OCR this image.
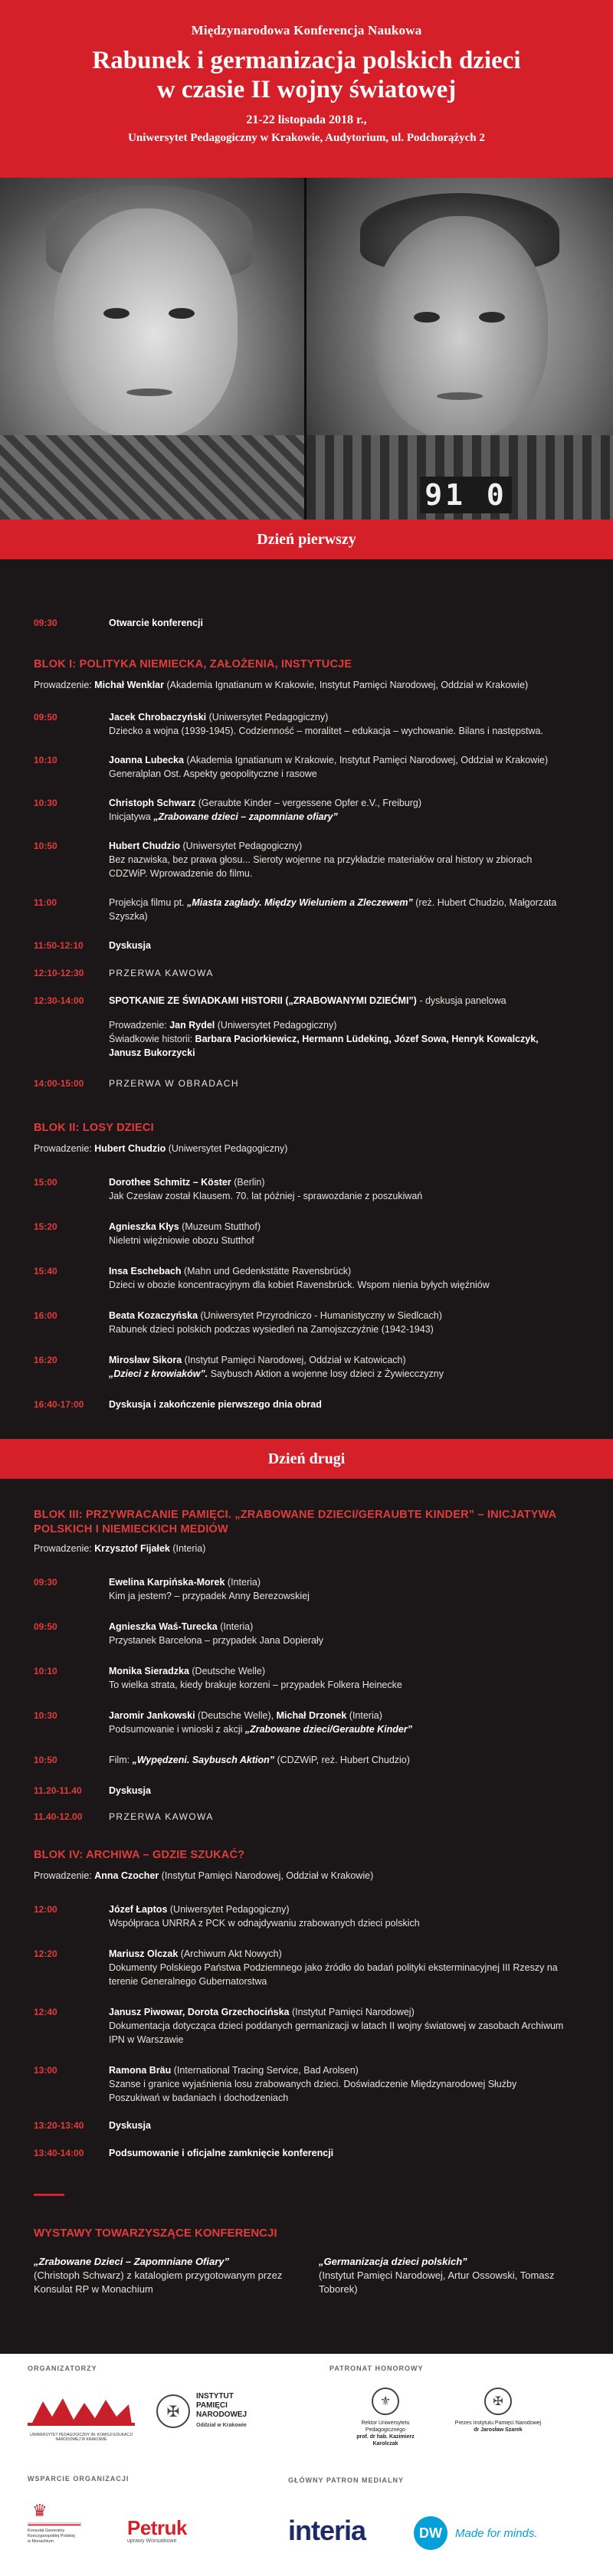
Międzynarodowa Konferencja Naukowa
Rabunek i germanizacja polskich dzieci
w czasie II wojny światowej
21-22 listopada 2018 r.,
Uniwersytet Pedagogiczny w Krakowie, Audytorium, ul. Podchorążych 2
91 0
Dzień pierwszy
09:30	Otwarcie konferencji
BLOK I: POLITYKA NIEMIECKA, ZAŁOŻENIA, INSTYTUCJE
Prowadzenie: Michał Wenklar (Akademia Ignatianum w Krakowie, Instytut Pamięci Narodowej, Oddział w Krakowie)
09:50	Jacek Chrobaczyński (Uniwersytet Pedagogiczny)
Dziecko a wojna (1939-1945). Codzienność – moralitet – edukacja – wychowanie. Bilans i następstwa.
10:10	Joanna Lubecka (Akademia Ignatianum w Krakowie, Instytut Pamięci Narodowej, Oddział w Krakowie)
Generalplan Ost. Aspekty geopolityczne i rasowe
10:30	Christoph Schwarz (Geraubte Kinder – vergessene Opfer e.V., Freiburg)
Inicjatywa „Zrabowane dzieci – zapomniane ofiary”
10:50	Hubert Chudzio (Uniwersytet Pedagogiczny)
Bez nazwiska, bez prawa głosu... Sieroty wojenne na przykładzie materiałów oral history w zbiorach CDZWiP. Wprowadzenie do filmu.
11:00	Projekcja filmu pt. „Miasta zagłady. Między Wieluniem a Zleczewem” (reż. Hubert Chudzio, Małgorzata Szyszka)
11:50-12:10	Dyskusja
12:10-12:30	PRZERWA KAWOWA
12:30-14:00	SPOTKANIE ZE ŚWIADKAMI HISTORII („ZRABOWANYMI DZIEĆMI”) - dyskusja panelowa
Prowadzenie: Jan Rydel (Uniwersytet Pedagogiczny)
Świadkowie historii: Barbara Paciorkiewicz, Hermann Lüdeking, Józef Sowa, Henryk Kowalczyk, Janusz Bukorzycki
14:00-15:00	PRZERWA W OBRADACH
BLOK II: LOSY DZIECI
Prowadzenie: Hubert Chudzio (Uniwersytet Pedagogiczny)
15:00	Dorothee Schmitz – Köster (Berlin)
Jak Czesław został Klausem. 70. lat później - sprawozdanie z poszukiwań
15:20	Agnieszka Kłys (Muzeum Stutthof)
Nieletni więźniowie obozu Stutthof
15:40	Insa Eschebach (Mahn und Gedenkstätte Ravensbrück)
Dzieci w obozie koncentracyjnym dla kobiet Ravensbrück. Wspom nienia byłych więźniów
16:00	Beata Kozaczyńska (Uniwersytet Przyrodniczo - Humanistyczny w Siedlcach)
Rabunek dzieci polskich podczas wysiedleń na Zamojszczyźnie (1942-1943)
16:20	Mirosław Sikora (Instytut Pamięci Narodowej, Oddział w Katowicach)
„Dzieci z krowiaków”. Saybusch Aktion a wojenne losy dzieci z Żywiecczyzny
16:40-17:00	Dyskusja i zakończenie pierwszego dnia obrad
Dzień drugi
BLOK III: PRZYWRACANIE PAMIĘCI. „ZRABOWANE DZIECI/GERAUBTE KINDER” – INICJATYWA
POLSKICH I NIEMIECKICH MEDIÓW
Prowadzenie: Krzysztof Fijałek (Interia)
09:30	Ewelina Karpińska-Morek (Interia)
Kim ja jestem? – przypadek Anny Berezowskiej
09:50	Agnieszka Waś-Turecka (Interia)
Przystanek Barcelona – przypadek Jana Dopierały
10:10	Monika Sieradzka (Deutsche Welle)
To wielka strata, kiedy brakuje korzeni – przypadek Folkera Heinecke
10:30	Jaromir Jankowski (Deutsche Welle), Michał Drzonek (Interia)
Podsumowanie i wnioski z akcji „Zrabowane dzieci/Geraubte Kinder”
10:50	Film: „Wypędzeni. Saybusch Aktion” (CDZWiP, reż. Hubert Chudzio)
11.20-11.40	Dyskusja
11.40-12.00	PRZERWA KAWOWA
BLOK IV: ARCHIWA – GDZIE SZUKAĆ?
Prowadzenie: Anna Czocher (Instytut Pamięci Narodowej, Oddział w Krakowie)
12:00	Józef Łaptos (Uniwersytet Pedagogiczny)
Współpraca UNRRA z PCK w odnajdywaniu zrabowanych dzieci polskich
12:20	Mariusz Olczak (Archiwum Akt Nowych)
Dokumenty Polskiego Państwa Podziemnego jako źródło do badań polityki eksterminacyjnej III Rzeszy na terenie Generalnego Gubernatorstwa
12:40	Janusz Piwowar, Dorota Grzechocińska (Instytut Pamięci Narodowej)
Dokumentacja dotycząca dzieci poddanych germanizacji w latach II wojny światowej w zasobach Archiwum IPN w Warszawie
13:00	Ramona Bräu (International Tracing Service, Bad Arolsen)
Szanse i granice wyjaśnienia losu zrabowanych dzieci. Doświadczenie Międzynarodowej Służby Poszukiwań w badaniach i dochodzeniach
13:20-13:40	Dyskusja
13:40-14:00	Podsumowanie i oficjalne zamknięcie konferencji
WYSTAWY TOWARZYSZĄCE KONFERENCJI
„Zrabowane Dzieci – Zapomniane Ofiary”
(Christoph Schwarz) z katalogiem przygotowanym przez Konsulat RP w Monachium
„Germanizacja dzieci polskich”
(Instytut Pamięci Narodowej, Artur Ossowski, Tomasz Toborek)
ORGANIZATORZY	PATRONAT HONOROWY
UNIWERSYTET PEDAGOGICZNY IM. KOMISJI EDUKACJI NARODOWEJ W KRAKOWIE
✠
INSTYTUT
PAMIĘCI
NARODOWEJ
Oddział w Krakowie
⚜
Rektor Uniwersytetu Pedagogicznego
prof. dr hab. Kazimierz Karolczak
✠
Prezes Instytutu Pamięci Narodowej
dr Jarosław Szarek
WSPARCIE ORGANIZACJI	GŁÓWNY PATRON MEDIALNY
♛
Konsulat Generalny
Rzeczypospolitej Polskiej
w Monachium
Petruk
uprawy Wonsatkowe	interia	DW	Made for minds.
